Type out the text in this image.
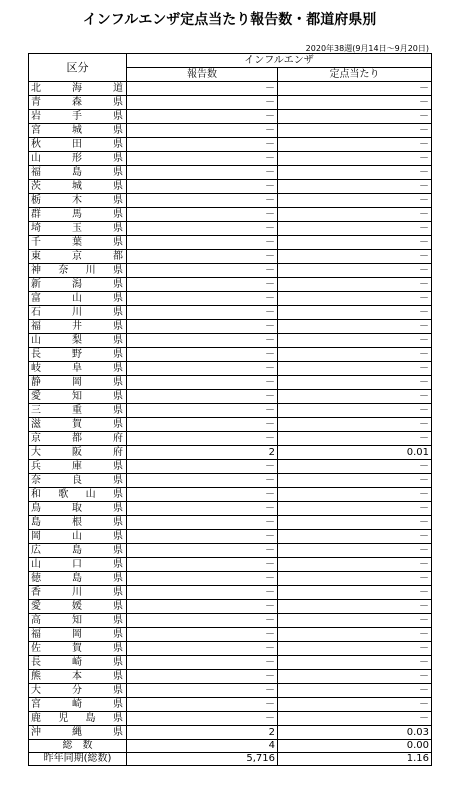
インフルエンザ定点当たり報告数・都道府県別
2020年38週(9月14日～9月20日)
区分	インフルエンザ	
	報告数	定点当たり

北 海 道	－	－

青 森 県	－	－

岩 手 県	－	－

宮 城 県	－	－

秋 田 県	－	－

山 形 県	－	－

福 島 県	－	－

茨 城 県	－	－

栃 木 県	－	－

群 馬 県	－	－

埼 玉 県	－	－

千 葉 県	－	－

東 京 都	－	－

神 奈 川 県	－	－

新 潟 県	－	－

富 山 県	－	－

石 川 県	－	－

福 井 県	－	－

山 梨 県	－	－

長 野 県	－	－

岐 阜 県	－	－

静 岡 県	－	－

愛 知 県	－	－

三 重 県	－	－

滋 賀 県	－	－

京 都 府	－	－

大 阪 府	2	0.01

兵 庫 県	－	－

奈 良 県	－	－

和 歌 山 県	－	－

鳥 取 県	－	－

島 根 県	－	－

岡 山 県	－	－

広 島 県	－	－

山 口 県	－	－

徳 島 県	－	－

香 川 県	－	－

愛 媛 県	－	－

高 知 県	－	－

福 岡 県	－	－

佐 賀 県	－	－

長 崎 県	－	－

熊 本 県	－	－

大 分 県	－	－

宮 崎 県	－	－

鹿 児 島 県	－	－

沖 縄 県	2	0.03
総　数	4	0.00
昨年同期(総数)	5,716	1.16
